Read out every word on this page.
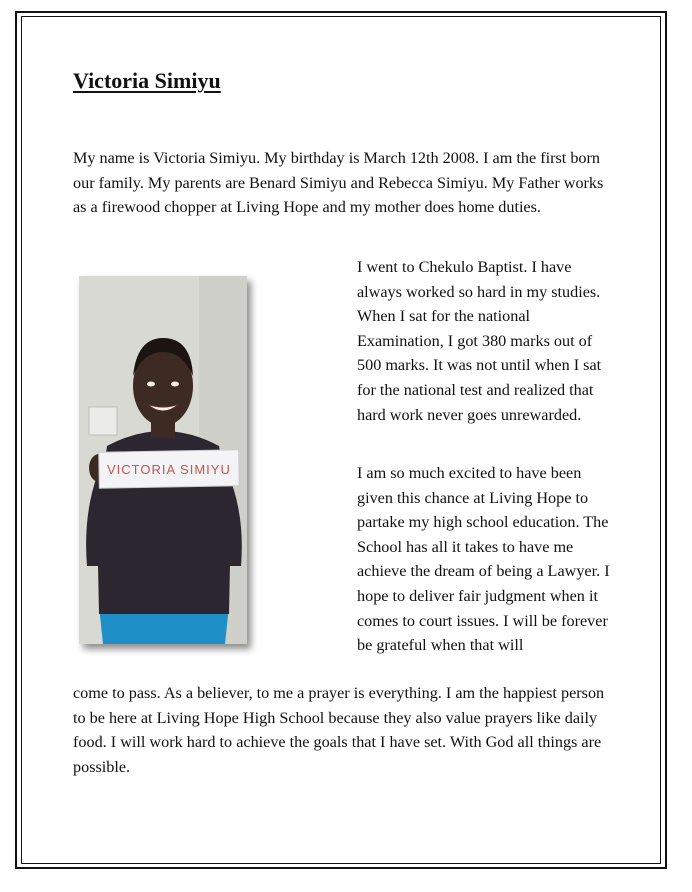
Victoria Simiyu

My name is Victoria Simiyu. My birthday is March 12th 2008. I am the first born our family. My parents are Benard Simiyu and Rebecca Simiyu. My Father works as a firewood chopper at Living Hope and my mother does home duties.

VICTORIA SIMIYU

I went to Chekulo Baptist. I have always worked so hard in my studies. When I sat for the national Examination, I got 380 marks out of 500 marks. It was not until when I sat for the national test and realized that hard work never goes unrewarded.

I am so much excited to have been given this chance at Living Hope to partake my high school education. The School has all it takes to have me achieve the dream of being a Lawyer. I hope to deliver fair judgment when it comes to court issues. I will be forever be grateful when that will

come to pass. As a believer, to me a prayer is everything. I am the happiest person to be here at Living Hope High School because they also value prayers like daily food. I will work hard to achieve the goals that I have set. With God all things are possible.
